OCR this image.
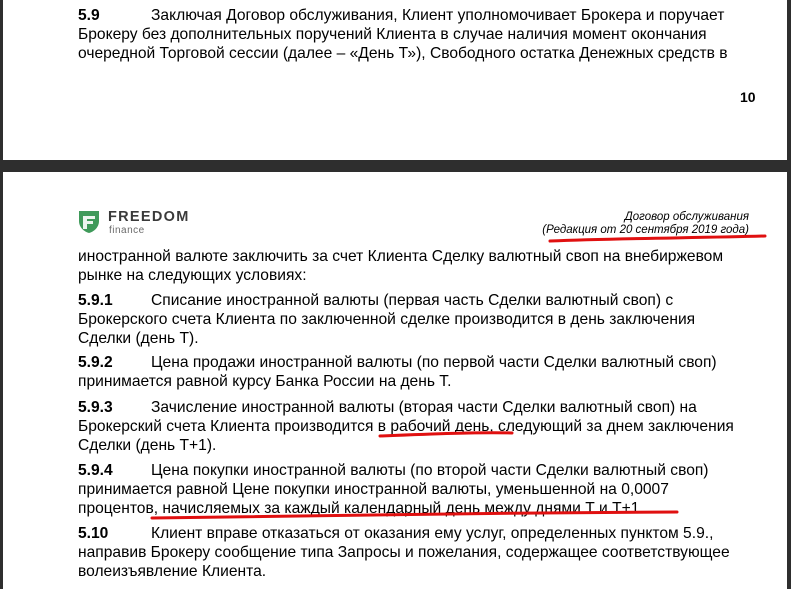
5.9	Заключая Договор обслуживания, Клиент уполномочивает Брокера и поручает
Брокеру без дополнительных поручений Клиента в случае наличия момент окончания
очередной Торговой сессии (далее – «День Т»), Свободного остатка Денежных средств в
10
FREEDOM
finance
Договор обслуживания
(Редакция от 20 сентября 2019 года)
иностранной валюте заключить за счет Клиента Сделку валютный своп на внебиржевом
рынке на следующих условиях:
5.9.1 Списание иностранной валюты (первая часть Сделки валютный своп) с
Брокерского счета Клиента по заключенной сделке производится в день заключения
Сделки (день Т).
5.9.2 Цена продажи иностранной валюты (по первой части Сделки валютный своп)
принимается равной курсу Банка России на день Т.
5.9.3 Зачисление иностранной валюты (вторая части Сделки валютный своп) на
Брокерский счета Клиента производится в рабочий день, следующий за днем заключения
Сделки (день Т+1).
5.9.4 Цена покупки иностранной валюты (по второй части Сделки валютный своп)
принимается равной Цене покупки иностранной валюты, уменьшенной на 0,0007
процентов, начисляемых за каждый календарный день между днями Т и Т+1.
5.10	Клиент вправе отказаться от оказания ему услуг, определенных пунктом 5.9.,
направив Брокеру сообщение типа Запросы и пожелания, содержащее соответствующее
волеизъявление Клиента.
